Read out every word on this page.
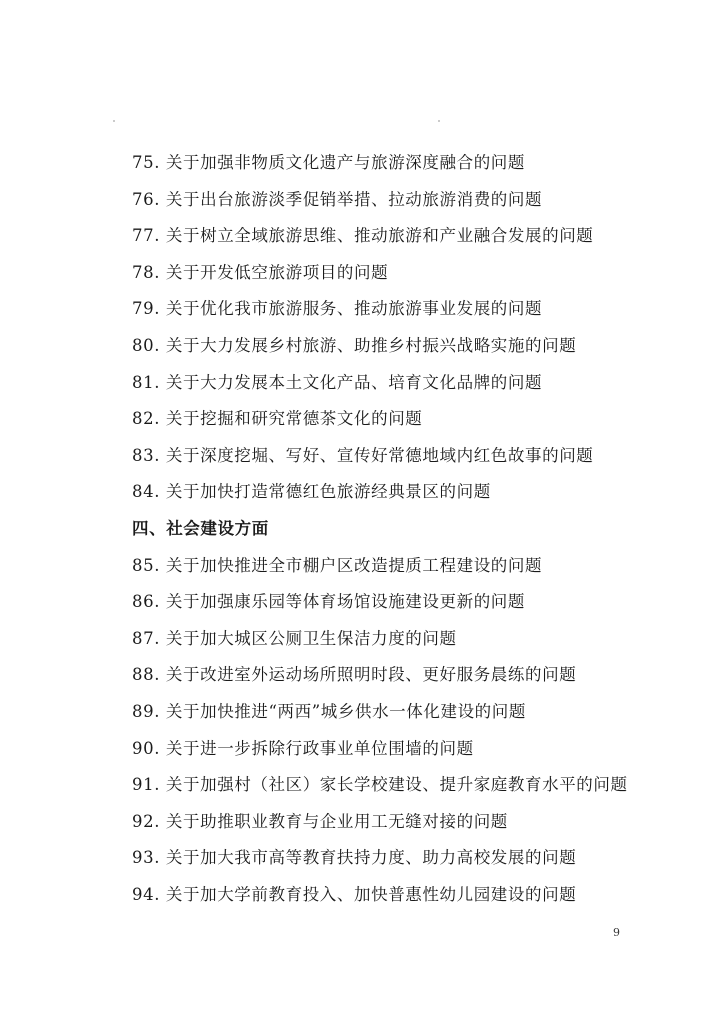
75. 关于加强非物质文化遗产与旅游深度融合的问题
76. 关于出台旅游淡季促销举措、拉动旅游消费的问题
77. 关于树立全域旅游思维、推动旅游和产业融合发展的问题
78. 关于开发低空旅游项目的问题
79. 关于优化我市旅游服务、推动旅游事业发展的问题
80. 关于大力发展乡村旅游、助推乡村振兴战略实施的问题
81. 关于大力发展本土文化产品、培育文化品牌的问题
82. 关于挖掘和研究常德茶文化的问题
83. 关于深度挖堀、写好、宣传好常德地域内红色故事的问题
84. 关于加快打造常德红色旅游经典景区的问题
四、社会建设方面
85. 关于加快推进全市棚户区改造提质工程建设的问题
86. 关于加强康乐园等体育场馆设施建设更新的问题
87. 关于加大城区公厕卫生保洁力度的问题
88. 关于改进室外运动场所照明时段、更好服务晨练的问题
89. 关于加快推进“两西”城乡供水一体化建设的问题
90. 关于进一步拆除行政事业单位围墙的问题
91. 关于加强村（社区）家长学校建设、提升家庭教育水平的问题
92. 关于助推职业教育与企业用工无缝对接的问题
93. 关于加大我市高等教育扶持力度、助力高校发展的问题
94. 关于加大学前教育投入、加快普惠性幼儿园建设的问题
9
